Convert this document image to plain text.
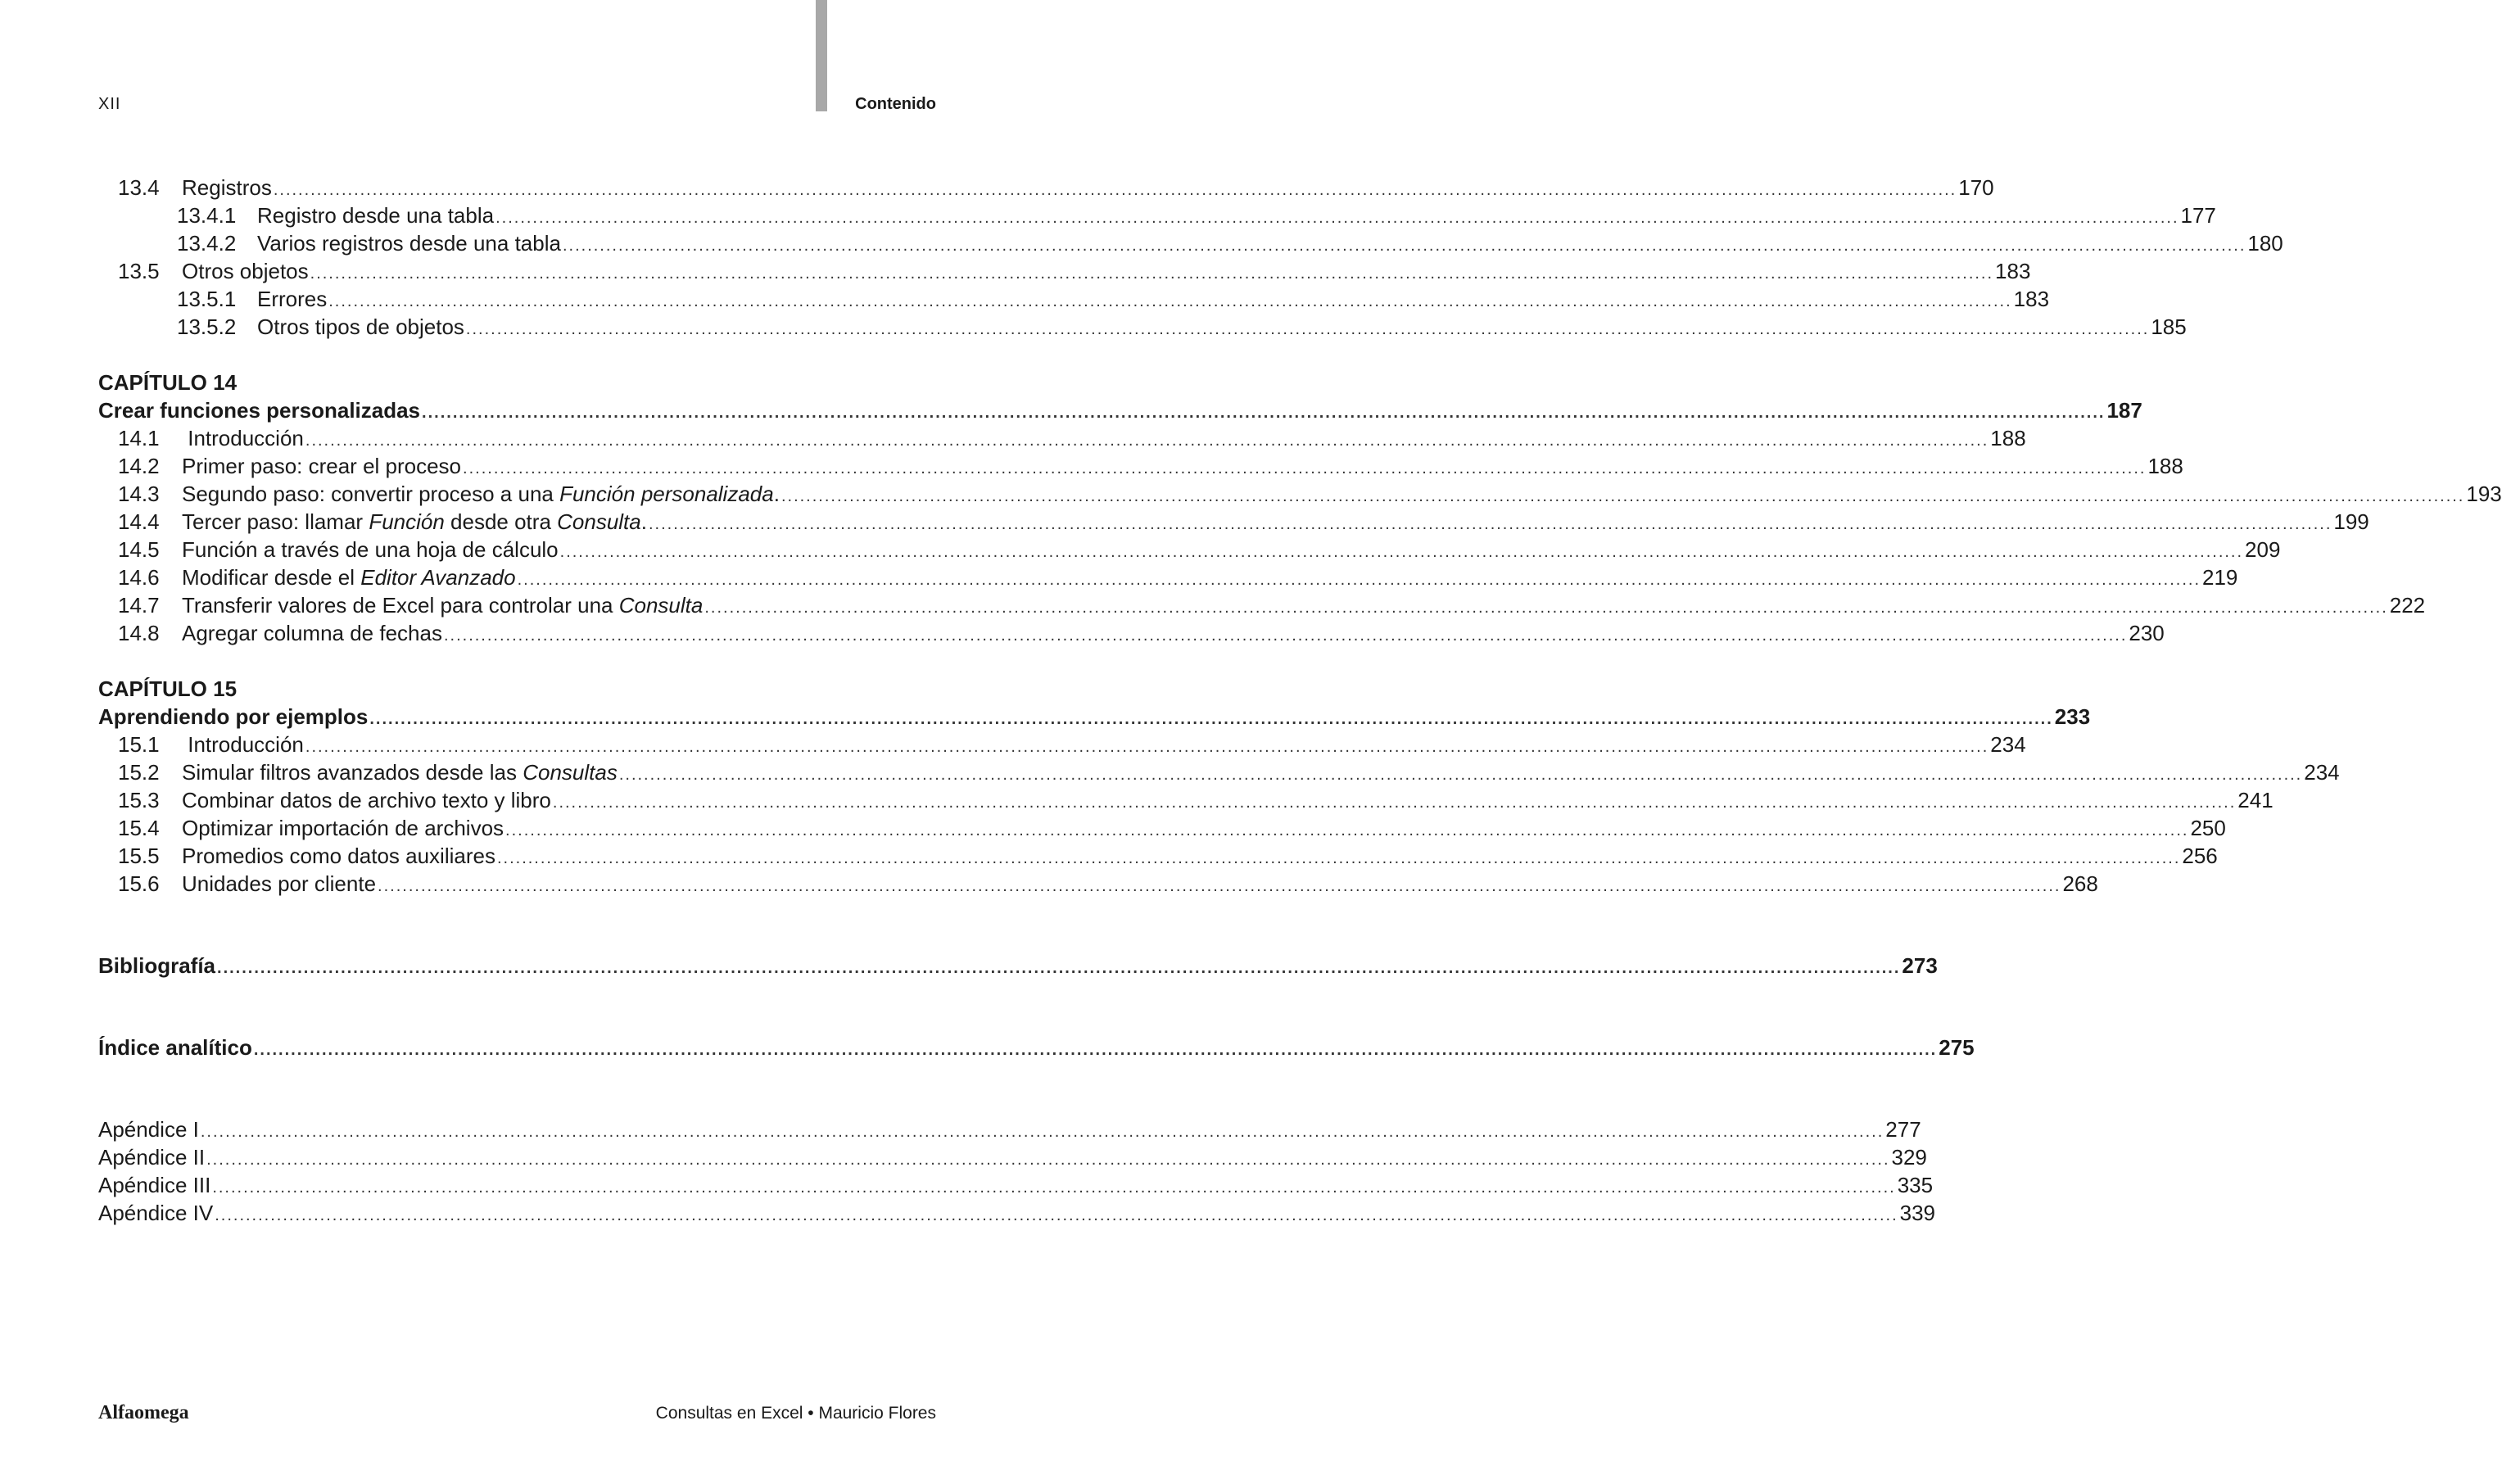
XII	Contenido
13.4	Registros ................................................................................................................................................................................................................................................................................ 170
13.4.1 Registro desde una tabla ................................................................................................................................................................................................................................................................................ 177
13.4.2 Varios registros desde una tabla ................................................................................................................................................................................................................................................................................ 180
13.5	Otros objetos ................................................................................................................................................................................................................................................................................ 183
13.5.1 Errores ................................................................................................................................................................................................................................................................................ 183
13.5.2 Otros tipos de objetos ................................................................................................................................................................................................................................................................................ 185
CAPÍTULO 14
Crear funciones personalizadas ................................................................................................................................................................................................................................................................................ 187
14.1	Introducción ................................................................................................................................................................................................................................................................................ 188
14.2	Primer paso: crear el proceso ................................................................................................................................................................................................................................................................................ 188
14.3	Segundo paso: convertir proceso a una Función personalizada. ................................................................................................................................................................................................................................................................................ 193
14.4	Tercer paso: llamar Función desde otra Consulta. ................................................................................................................................................................................................................................................................................ 199
14.5	Función a través de una hoja de cálculo ................................................................................................................................................................................................................................................................................ 209
14.6	Modificar desde el Editor Avanzado ................................................................................................................................................................................................................................................................................ 219
14.7	Transferir valores de Excel para controlar una Consulta ................................................................................................................................................................................................................................................................................ 222
14.8	Agregar columna de fechas ................................................................................................................................................................................................................................................................................ 230
CAPÍTULO 15
Aprendiendo por ejemplos ................................................................................................................................................................................................................................................................................ 233
15.1	Introducción ................................................................................................................................................................................................................................................................................ 234
15.2	Simular filtros avanzados desde las Consultas ................................................................................................................................................................................................................................................................................ 234
15.3	Combinar datos de archivo texto y libro ................................................................................................................................................................................................................................................................................ 241
15.4	Optimizar importación de archivos ................................................................................................................................................................................................................................................................................ 250
15.5	Promedios como datos auxiliares ................................................................................................................................................................................................................................................................................ 256
15.6	Unidades por cliente ................................................................................................................................................................................................................................................................................ 268
Bibliografía ................................................................................................................................................................................................................................................................................ 273
Índice analítico ................................................................................................................................................................................................................................................................................ 275
Apéndice I ................................................................................................................................................................................................................................................................................ 277
Apéndice II ................................................................................................................................................................................................................................................................................ 329
Apéndice III ................................................................................................................................................................................................................................................................................ 335
Apéndice IV ................................................................................................................................................................................................................................................................................ 339
Alfaomega	Consultas en Excel • Mauricio Flores
